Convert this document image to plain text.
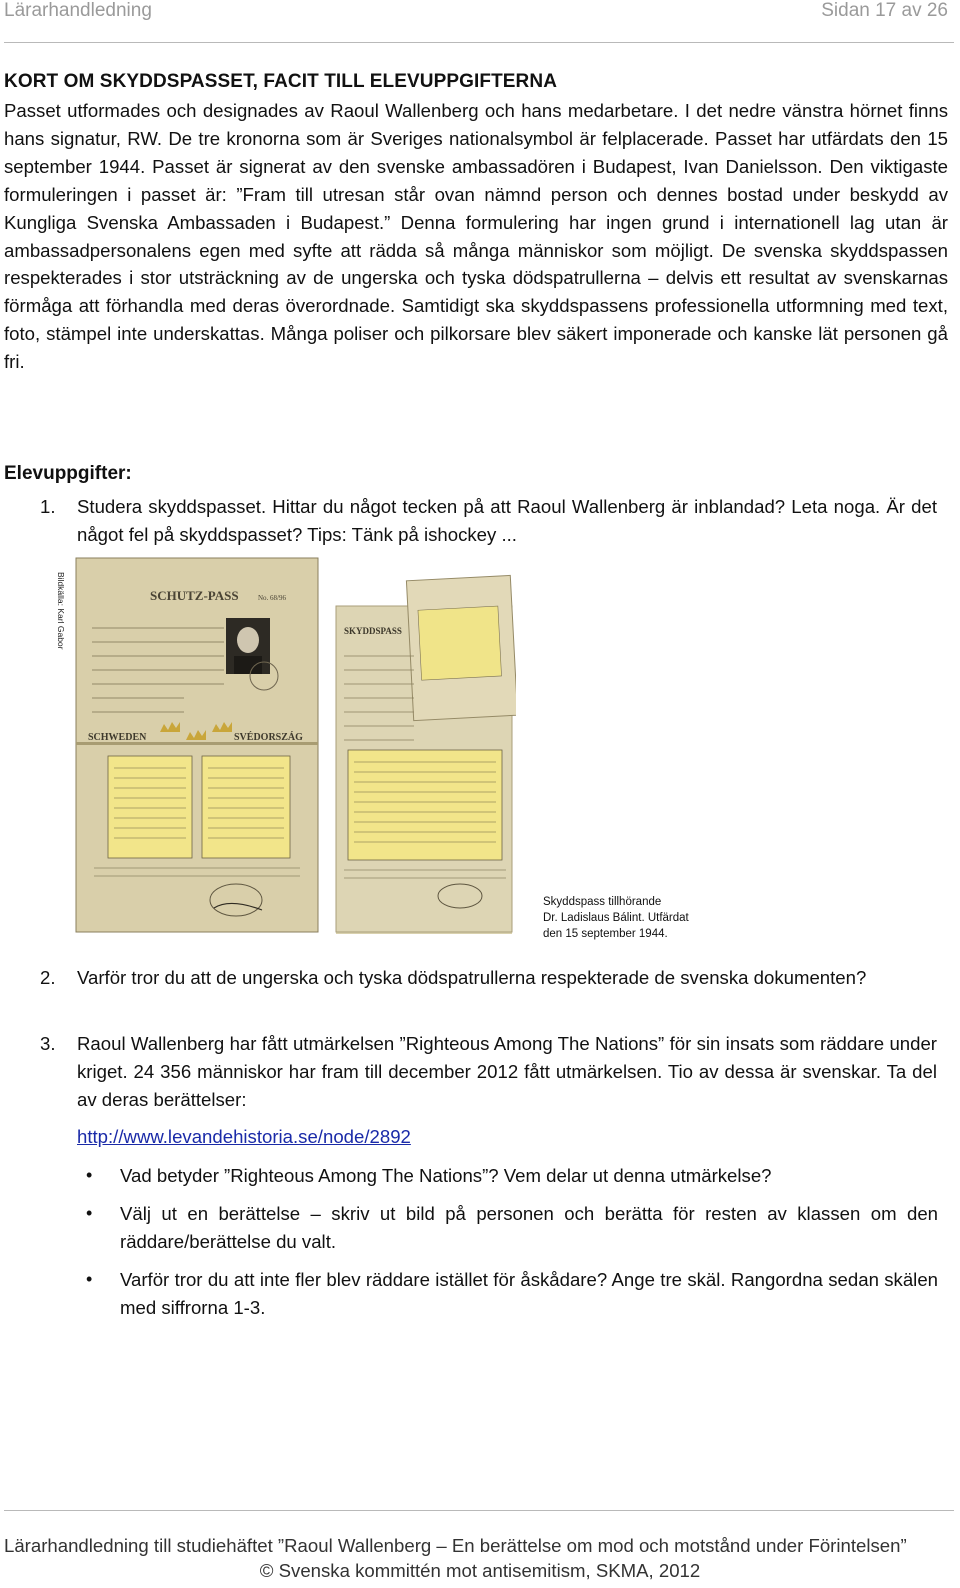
Lärarhandledning	Sidan 17 av 26
KORT OM SKYDDSPASSET, FACIT TILL ELEVUPPGIFTERNA

Passet utformades och designades av Raoul Wallenberg och hans medarbetare. I det nedre vänstra hörnet finns hans signatur, RW. De tre kronorna som är Sveriges nationalsymbol är felplacerade. Passet har utfärdats den 15 september 1944. Passet är signerat av den svenske ambassadören i Budapest, Ivan Danielsson. Den viktigaste formuleringen i passet är: ”Fram till utresan står ovan nämnd person och dennes bostad under beskydd av Kungliga Svenska Ambassaden i Budapest.” Denna formulering har ingen grund i internationell lag utan är ambassadpersonalens egen med syfte att rädda så många människor som möjligt. De svenska skyddspassen respekterades i stor utsträckning av de ungerska och tyska dödspatrullerna – delvis ett resultat av svenskarnas förmåga att förhandla med deras överordnade. Samtidigt ska skyddspassens professionella utformning med text, foto, stämpel inte underskattas. Många poliser och pilkorsare blev säkert imponerade och kanske lät personen gå fri.

Elevuppgifter:
1. Studera skyddspasset. Hittar du något tecken på att Raoul Wallenberg är inblandad? Leta noga. Är det något fel på skyddspasset? Tips: Tänk på ishockey ...

Bildkälla: Karl Gabor	SCHUTZ-PASS	No. 68/96
SCHWEDEN	SVÉDORSZÁG
SKYDDSPASS

Skyddspass tillhörande
Dr. Ladislaus Bálint. Utfärdat
den 15 september 1944.

2. Varför tror du att de ungerska och tyska dödspatrullerna respekterade de svenska dokumenten?

3. Raoul Wallenberg har fått utmärkelsen ”Righteous Among The Nations” för sin insats som räddare under kriget. 24 356 människor har fram till december 2012 fått utmärkelsen. Tio av dessa är svenskar. Ta del av deras berättelser:

http://www.levandehistoria.se/node/2892
• Vad betyder ”Righteous Among The Nations”? Vem delar ut denna utmärkelse?

• Välj ut en berättelse – skriv ut bild på personen och berätta för resten av klassen om den räddare/berättelse du valt.

• Varför tror du att inte fler blev räddare istället för åskådare? Ange tre skäl. Rangordna sedan skälen med siffrorna 1-3.

Lärarhandledning till studiehäftet ”Raoul Wallenberg – En berättelse om mod och motstånd under Förintelsen”
© Svenska kommittén mot antisemitism, SKMA, 2012
